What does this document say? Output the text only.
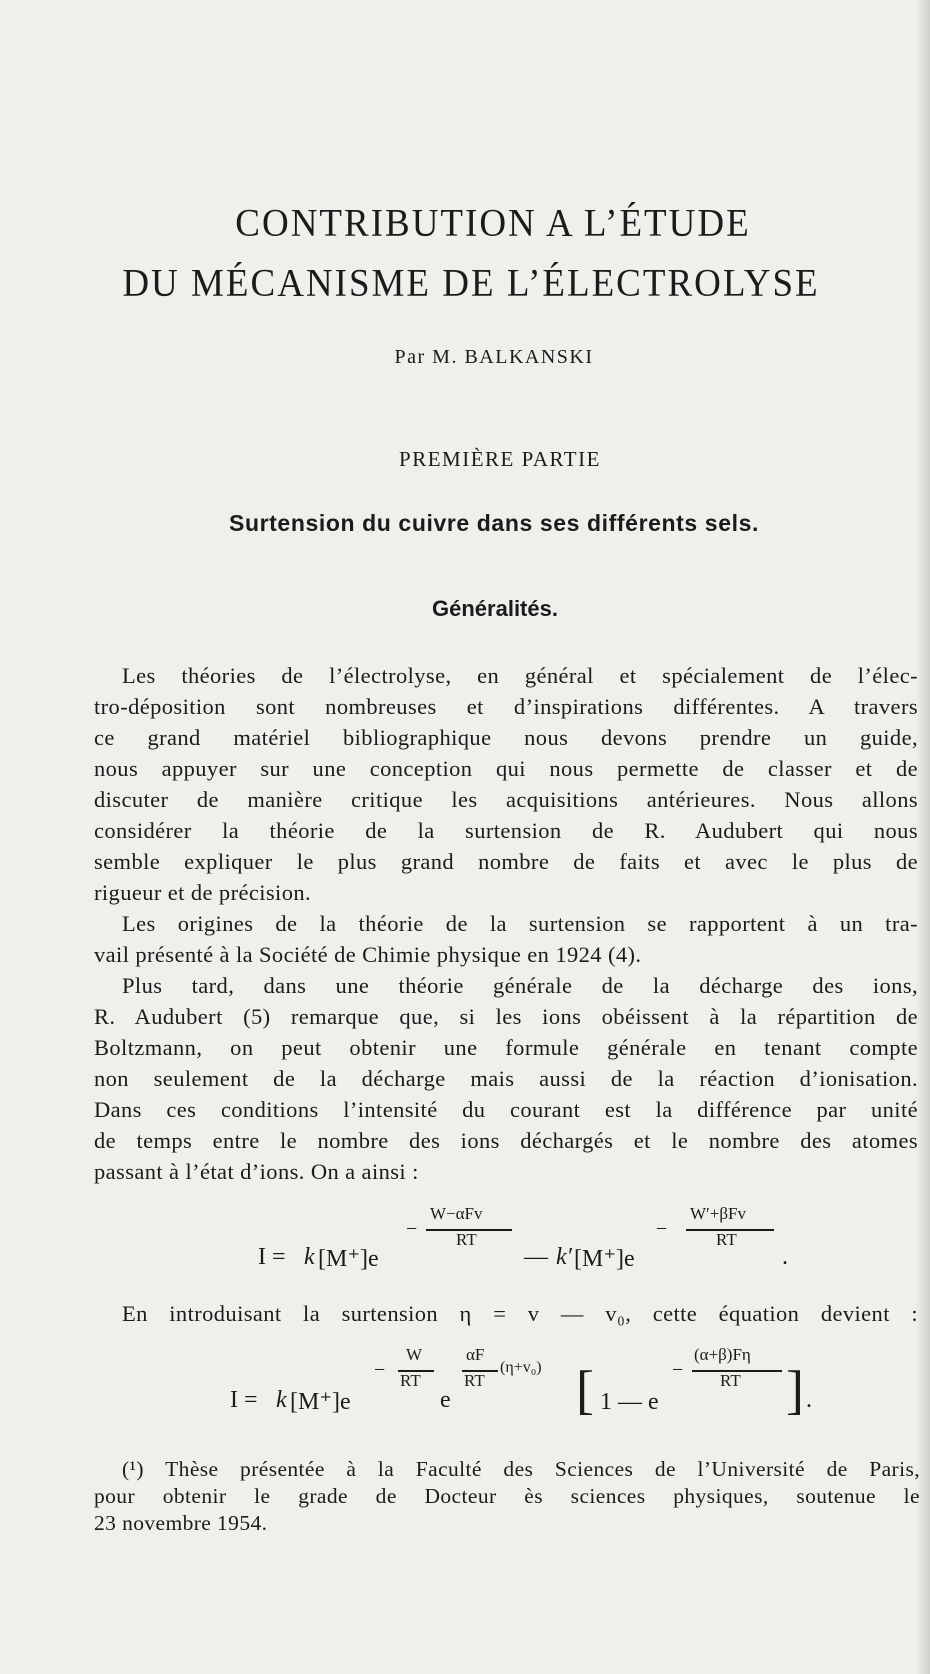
CONTRIBUTION A L’ÉTUDE
DU MÉCANISME DE L’ÉLECTROLYSE
Par M. BALKANSKI
PREMIÈRE PARTIE
Surtension du cuivre dans ses différents sels.
Généralités.
Les théories de l’électrolyse, en général et spécialement de l’élec-
tro-déposition sont nombreuses et d’inspirations différentes. A travers
ce grand matériel bibliographique nous devons prendre un guide,
nous appuyer sur une conception qui nous permette de classer et de
discuter de manière critique les acquisitions antérieures. Nous allons
considérer la théorie de la surtension de R. Audubert qui nous
semble expliquer le plus grand nombre de faits et avec le plus de
rigueur et de précision.
Les origines de la théorie de la surtension se rapportent à un tra-
vail présenté à la Société de Chimie physique en 1924 (4).
Plus tard, dans une théorie générale de la décharge des ions,
R. Audubert (5) remarque que, si les ions obéissent à la répartition de
Boltzmann, on peut obtenir une formule générale en tenant compte
non seulement de la décharge mais aussi de la réaction d’ionisation.
Dans ces conditions l’intensité du courant est la différence par unité
de temps entre le nombre des ions déchargés et le nombre des atomes
passant à l’état d’ions. On a ainsi :
I = k [M⁺]e
−
W−αFv
RT
— k′ [M⁺]e
−
W′+βFv
RT
.
En introduisant la surtension η = v — v₀, cette équation devient :
I = k [M⁺]e
−
W
RT
e
αF
RT
(η+v₀) [ 1 — e
−
(α+β)Fη
RT ] .
(¹) Thèse présentée à la Faculté des Sciences de l’Université de Paris,
pour obtenir le grade de Docteur ès sciences physiques, soutenue le
23 novembre 1954.
